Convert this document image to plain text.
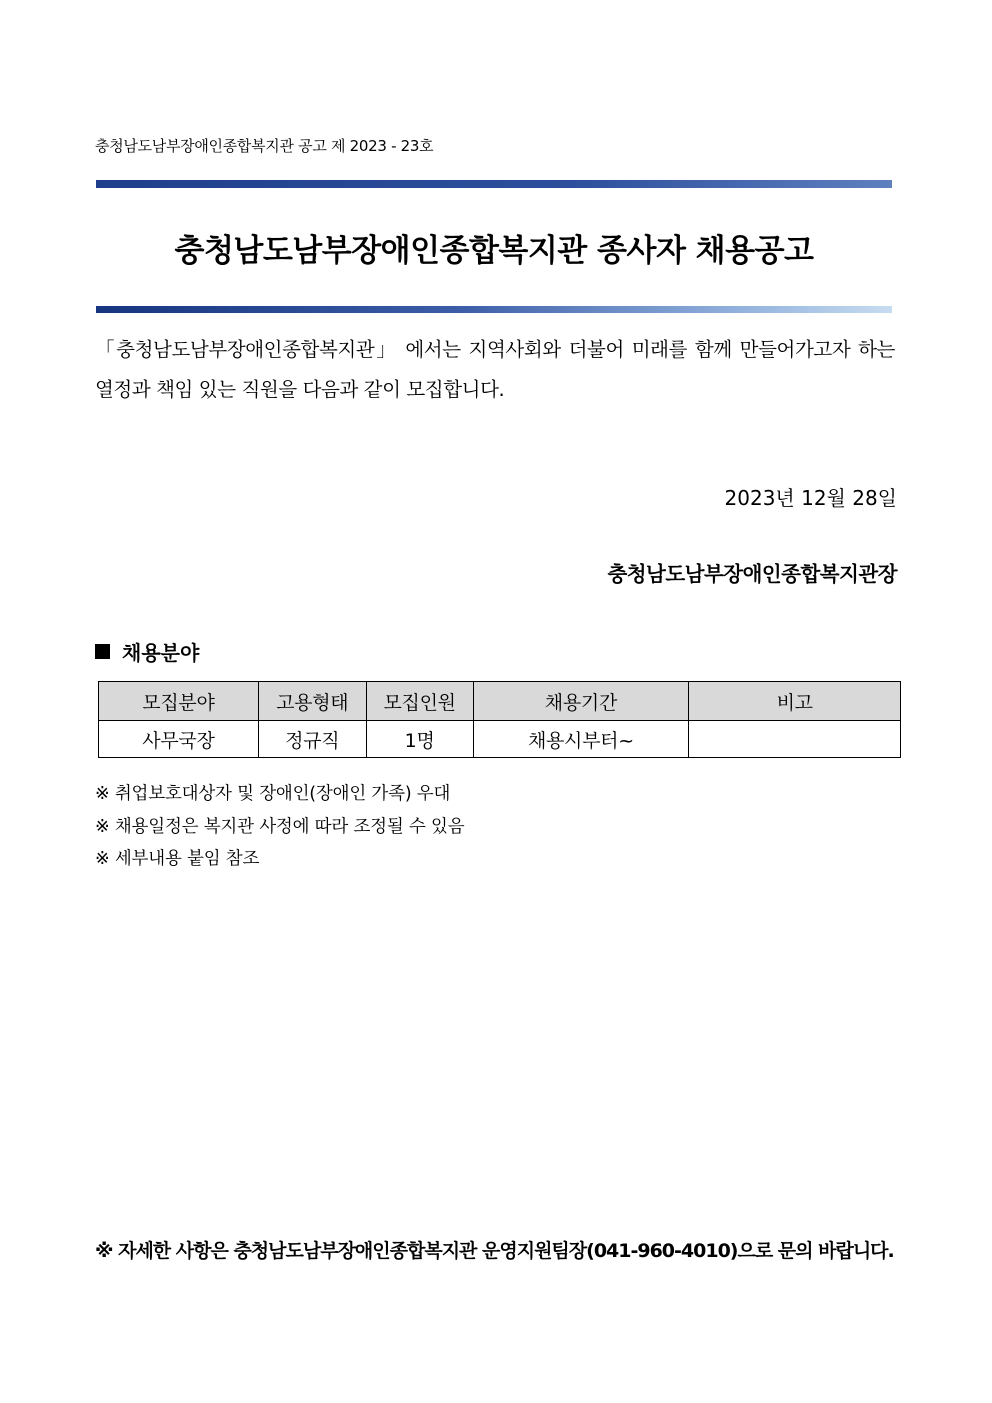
충청남도남부장애인종합복지관 공고 제 2023 - 23호
충청남도남부장애인종합복지관 종사자 채용공고
「충청남도남부장애인종합복지관」 에서는 지역사회와 더불어 미래를 함께 만들어가고자 하는 열정과 책임 있는 직원을 다음과 같이 모집합니다.
2023년 12월 28일
충청남도남부장애인종합복지관장
채용분야
모집분야	고용형태	모집인원	채용기간	비고
사무국장	정규직	1명	채용시부터~	
※ 취업보호대상자 및 장애인(장애인 가족) 우대
※ 채용일정은 복지관 사정에 따라 조정될 수 있음
※ 세부내용 붙임 참조
※ 자세한 사항은 충청남도남부장애인종합복지관 운영지원팀장(041-960-4010)으로 문의 바랍니다.
